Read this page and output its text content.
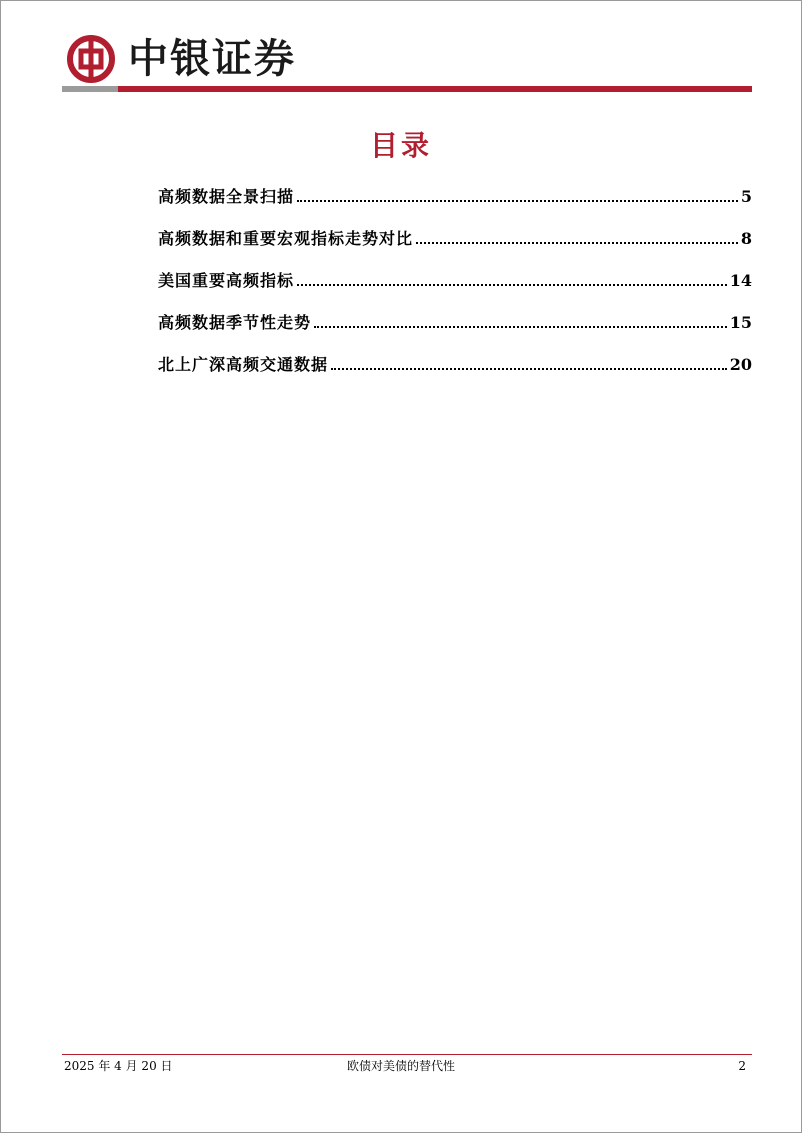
中银证券
目录
高频数据全景扫描	5
高频数据和重要宏观指标走势对比	8
美国重要高频指标	14
高频数据季节性走势	15
北上广深高频交通数据	20
2025 年 4 月 20 日	欧债对美债的替代性	2
